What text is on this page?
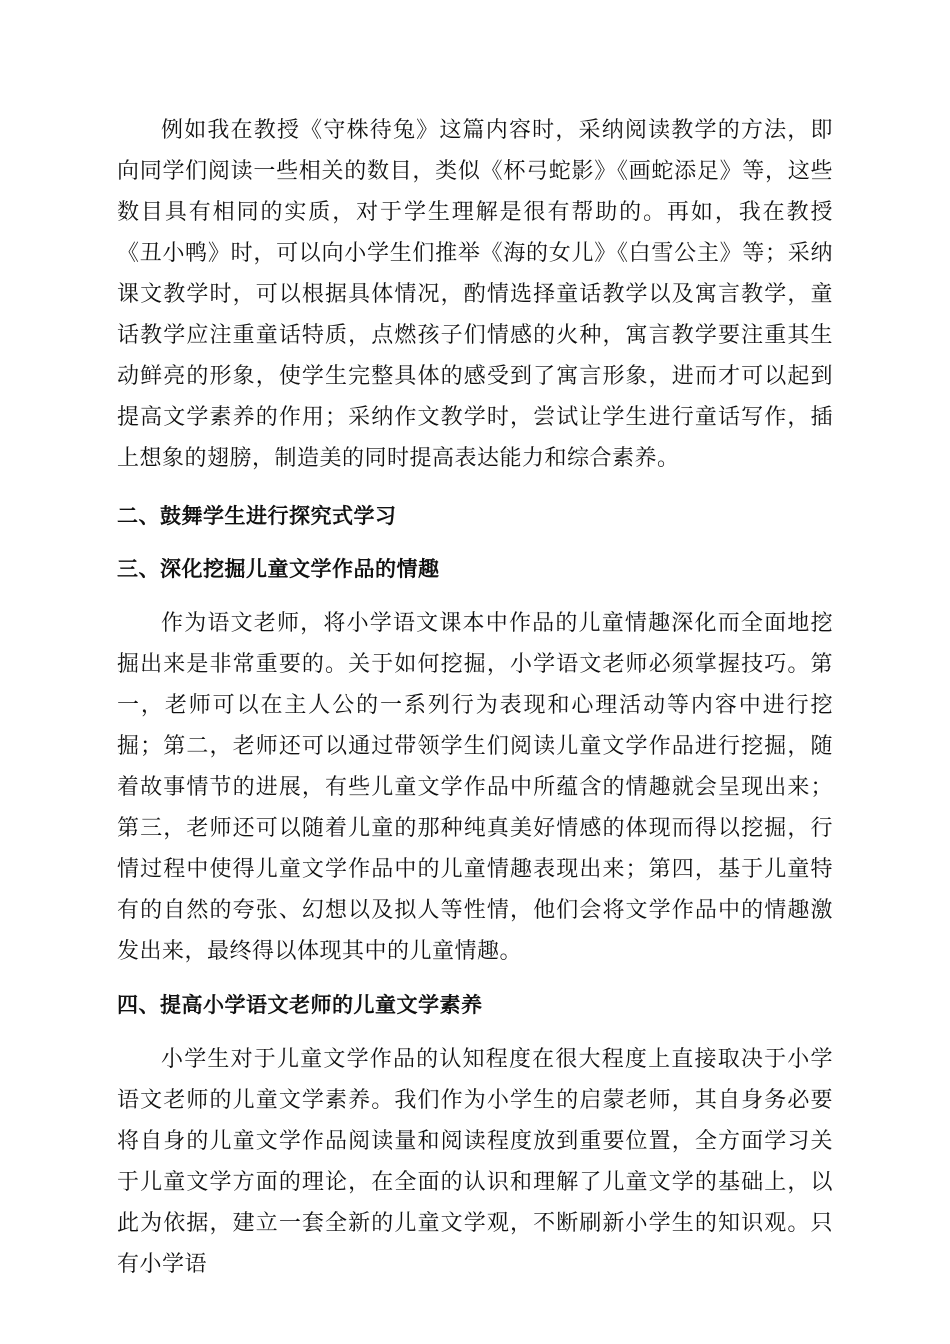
例如我在教授《守株待兔》这篇内容时，采纳阅读教学的方法，即向同学们阅读一些相关的数目，类似《杯弓蛇影》《画蛇添足》等，这些数目具有相同的实质，对于学生理解是很有帮助的。再如，我在教授《丑小鸭》时，可以向小学生们推举《海的女儿》《白雪公主》等；采纳课文教学时，可以根据具体情况，酌情选择童话教学以及寓言教学，童话教学应注重童话特质，点燃孩子们情感的火种，寓言教学要注重其生动鲜亮的形象，使学生完整具体的感受到了寓言形象，进而才可以起到提高文学素养的作用；采纳作文教学时，尝试让学生进行童话写作，插上想象的翅膀，制造美的同时提高表达能力和综合素养。

二、鼓舞学生进行探究式学习
三、深化挖掘儿童文学作品的情趣

作为语文老师，将小学语文课本中作品的儿童情趣深化而全面地挖掘出来是非常重要的。关于如何挖掘，小学语文老师必须掌握技巧。第一，老师可以在主人公的一系列行为表现和心理活动等内容中进行挖掘；第二，老师还可以通过带领学生们阅读儿童文学作品进行挖掘，随着故事情节的进展，有些儿童文学作品中所蕴含的情趣就会呈现出来；第三，老师还可以随着儿童的那种纯真美好情感的体现而得以挖掘，行情过程中使得儿童文学作品中的儿童情趣表现出来；第四，基于儿童特有的自然的夸张、幻想以及拟人等性情，他们会将文学作品中的情趣激发出来，最终得以体现其中的儿童情趣。

四、提高小学语文老师的儿童文学素养

小学生对于儿童文学作品的认知程度在很大程度上直接取决于小学语文老师的儿童文学素养。我们作为小学生的启蒙老师，其自身务必要将自身的儿童文学作品阅读量和阅读程度放到重要位置，全方面学习关于儿童文学方面的理论，在全面的认识和理解了儿童文学的基础上，以此为依据，建立一套全新的儿童文学观，不断刷新小学生的知识观。只有小学语
